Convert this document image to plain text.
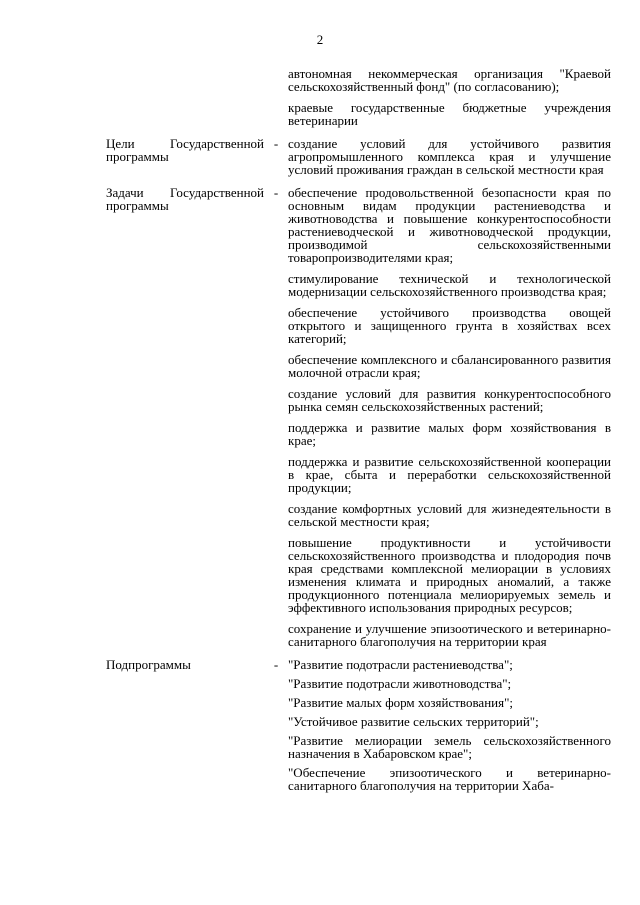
2

автономная некоммерческая организация "Краевой сельскохозяйственный фонд" (по согласованию);

краевые государственные бюджетные учреждения ветеринарии

Цели Государственной программы
- создание условий для устойчивого развития агропромышленного комплекса края и улучшение условий проживания граждан в сельской местности края

Задачи Государственной программы
- обеспечение продовольственной безопасности края по основным видам продукции растениеводства и животноводства и повышение конкурентоспособности растениеводческой и животноводческой продукции, производимой сельскохозяйственными товаропроизводителями края;

стимулирование технической и технологической модернизации сельскохозяйственного производства края;

обеспечение устойчивого производства овощей открытого и защищенного грунта в хозяйствах всех категорий;

обеспечение комплексного и сбалансированного развития молочной отрасли края;

создание условий для развития конкурентоспособного рынка семян сельскохозяйственных растений;

поддержка и развитие малых форм хозяйствования в крае;

поддержка и развитие сельскохозяйственной кооперации в крае, сбыта и переработки сельскохозяйственной продукции;

создание комфортных условий для жизнедеятельности в сельской местности края;

повышение продуктивности и устойчивости сельскохозяйственного производства и плодородия почв края средствами комплексной мелиорации в условиях изменения климата и природных аномалий, а также продукционного потенциала мелиорируемых земель и эффективного использования природных ресурсов;

сохранение и улучшение эпизоотического и ветеринарно-санитарного благополучия на территории края

Подпрограммы	- "Развитие подотрасли растениеводства";

"Развитие подотрасли животноводства";

"Развитие малых форм хозяйствования";

"Устойчивое развитие сельских территорий";

"Развитие мелиорации земель сельскохозяйственного назначения в Хабаровском крае";

"Обеспечение эпизоотического и ветеринарно-санитарного благополучия на территории Хаба-
